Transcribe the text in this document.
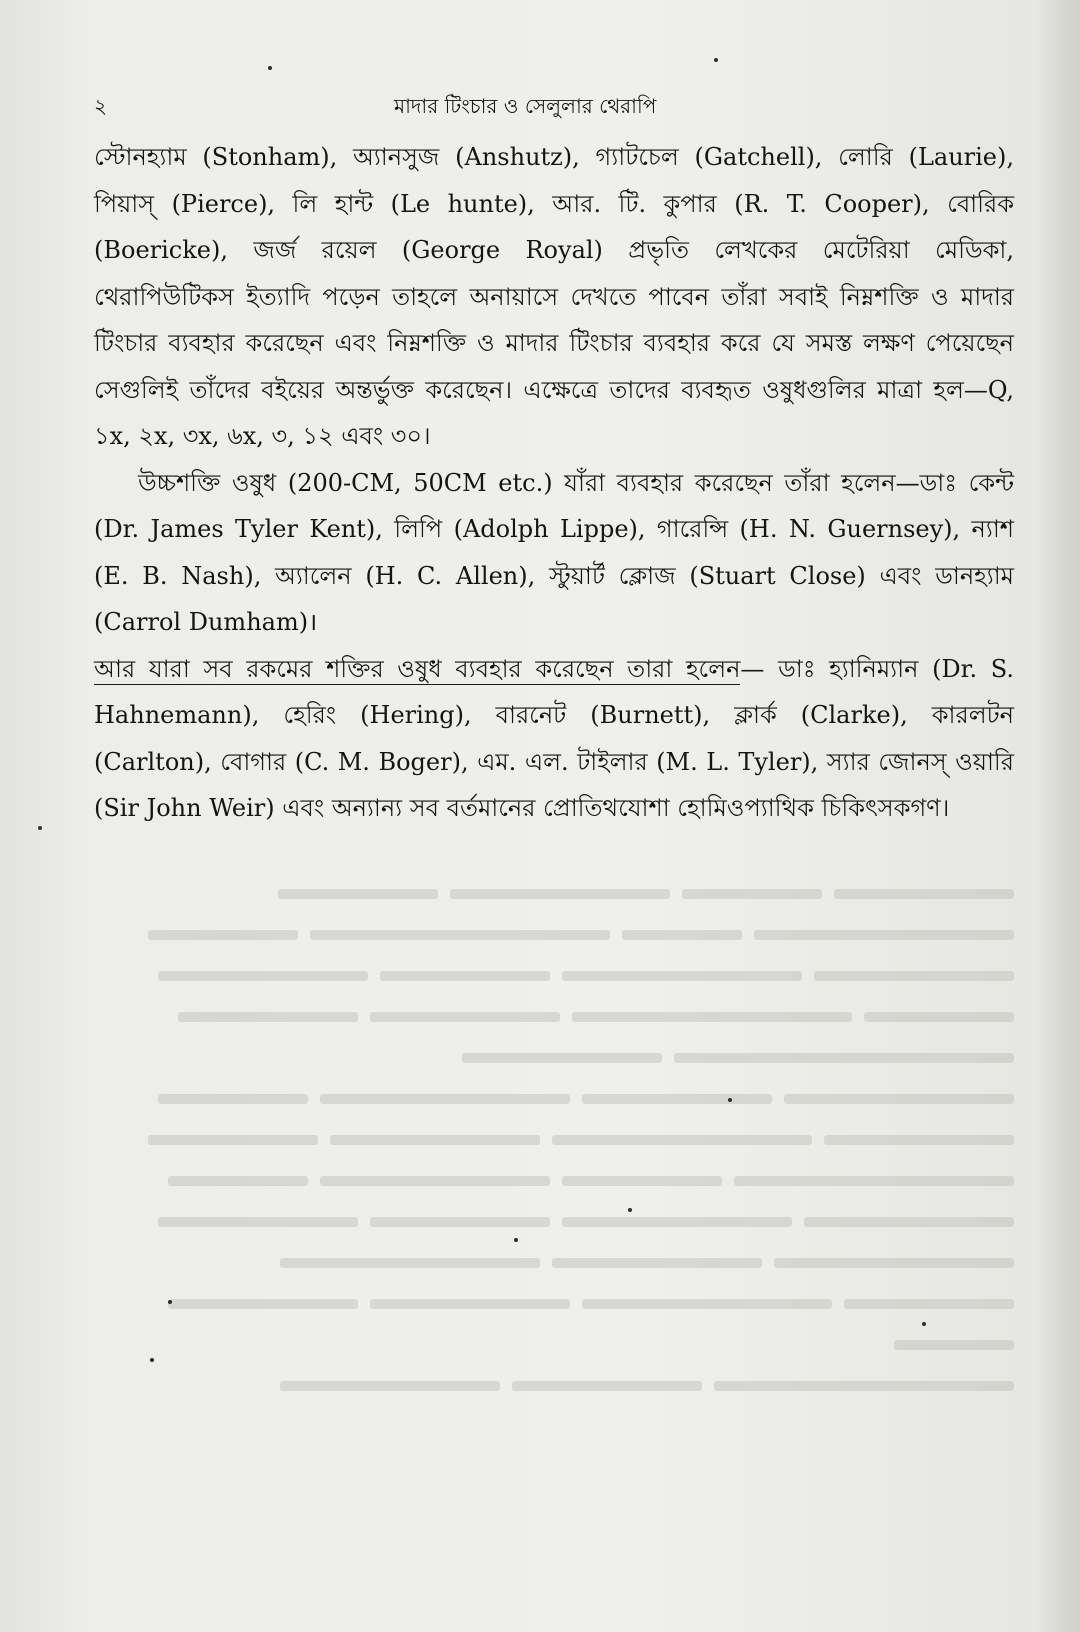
২	মাদার টিংচার ও সেলুলার থেরাপি

স্টোনহ্যাম (Stonham), অ্যানসুজ (Anshutz), গ্যাটচেল (Gatchell), লোরি (Laurie), পিয়াস্ (Pierce), লি হান্ট (Le hunte), আর. টি. কুপার (R. T. Cooper), বোরিক (Boericke), জর্জ রয়েল (George Royal) প্রভৃতি লেখকের মেটেরিয়া মেডিকা, থেরাপিউটিকস ইত্যাদি পড়েন তাহলে অনায়াসে দেখতে পাবেন তাঁরা সবাই নিম্নশক্তি ও মাদার টিংচার ব্যবহার করেছেন এবং নিম্নশক্তি ও মাদার টিংচার ব্যবহার করে যে সমস্ত লক্ষণ পেয়েছেন সেগুলিই তাঁদের বইয়ের অন্তর্ভুক্ত করেছেন। এক্ষেত্রে তাদের ব্যবহৃত ওষুধগুলির মাত্রা হল—Q, ১x, ২x, ৩x, ৬x, ৩, ১২ এবং ৩০।

উচ্চশক্তি ওষুধ (200-CM, 50CM etc.) যাঁরা ব্যবহার করেছেন তাঁরা হলেন—ডাঃ কেন্ট (Dr. James Tyler Kent), লিপি (Adolph Lippe), গারেন্সি (H. N. Guernsey), ন্যাশ (E. B. Nash), অ্যালেন (H. C. Allen), স্টুয়ার্ট ক্লোজ (Stuart Close) এবং ডানহ্যাম (Carrol Dumham)।

আর যারা সব রকমের শক্তির ওষুধ ব্যবহার করেছেন তারা হলেন— ডাঃ হ্যানিম্যান (Dr. S. Hahnemann), হেরিং (Hering), বারনেট (Burnett), ক্লার্ক (Clarke), কারলটন (Carlton), বোগার (C. M. Boger), এম. এল. টাইলার (M. L. Tyler), স্যার জোনস্ ওয়ারি (Sir John Weir) এবং অন্যান্য সব বর্তমানের প্রোতিথযোশা হোমিওপ্যাথিক চিকিৎসকগণ।
